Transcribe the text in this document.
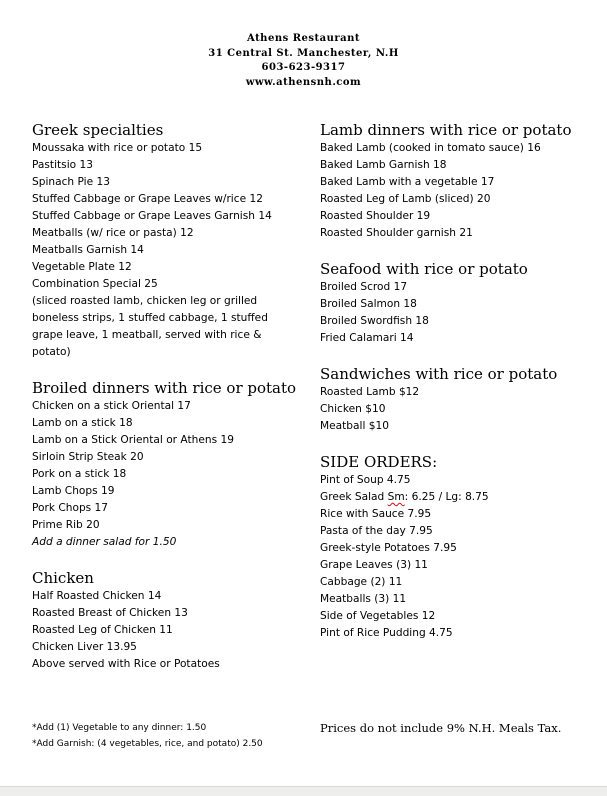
Athens Restaurant
31 Central St. Manchester, N.H
603-623-9317
www.athensnh.com
Greek specialties
Moussaka with rice or potato 15
Pastitsio 13
Spinach Pie 13
Stuffed Cabbage or Grape Leaves w/rice 12
Stuffed Cabbage or Grape Leaves Garnish 14
Meatballs (w/ rice or pasta) 12
Meatballs Garnish 14
Vegetable Plate 12
Combination Special 25
(sliced roasted lamb, chicken leg or grilled boneless strips, 1 stuffed cabbage, 1 stuffed grape leave, 1 meatball, served with rice & potato)
Broiled dinners with rice or potato
Chicken on a stick Oriental 17
Lamb on a stick 18
Lamb on a Stick Oriental or Athens 19
Sirloin Strip Steak 20
Pork on a stick 18
Lamb Chops 19
Pork Chops 17
Prime Rib 20
Add a dinner salad for 1.50
Chicken
Half Roasted Chicken 14
Roasted Breast of Chicken 13
Roasted Leg of Chicken 11
Chicken Liver 13.95
Above served with Rice or Potatoes
Lamb dinners with rice or potato
Baked Lamb (cooked in tomato sauce) 16
Baked Lamb Garnish 18
Baked Lamb with a vegetable 17
Roasted Leg of Lamb (sliced) 20
Roasted Shoulder 19
Roasted Shoulder garnish 21
Seafood with rice or potato
Broiled Scrod 17
Broiled Salmon 18
Broiled Swordfish 18
Fried Calamari 14
Sandwiches with rice or potato
Roasted Lamb $12
Chicken $10
Meatball $10
SIDE ORDERS:
Pint of Soup 4.75
Greek Salad Sm: 6.25 / Lg: 8.75
Rice with Sauce 7.95
Pasta of the day 7.95
Greek-style Potatoes 7.95
Grape Leaves (3) 11
Cabbage (2) 11
Meatballs (3) 11
Side of Vegetables 12
Pint of Rice Pudding 4.75
*Add (1) Vegetable to any dinner: 1.50
*Add Garnish: (4 vegetables, rice, and potato) 2.50
Prices do not include 9% N.H. Meals Tax.
